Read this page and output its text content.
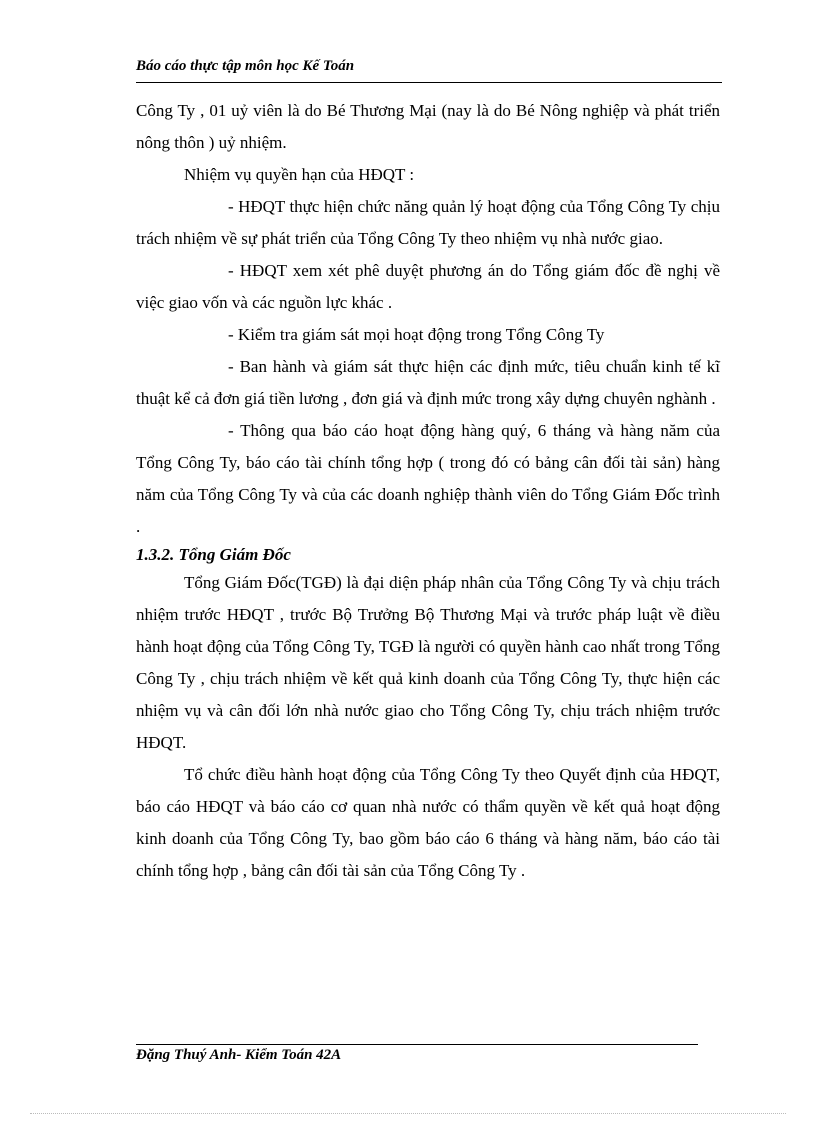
Báo cáo thực tập môn học Kế Toán

Công Ty , 01 uỷ viên là do Bé Thương Mại (nay là do Bé Nông nghiệp và phát triển nông thôn ) uỷ nhiệm.

Nhiệm vụ quyền hạn của HĐQT :

- HĐQT thực hiện chức năng quản lý hoạt động của Tổng Công Ty chịu trách nhiệm về sự phát triển của Tổng Công Ty theo nhiệm vụ nhà nước giao.

- HĐQT xem xét phê duyệt phương án do Tổng giám đốc đề nghị về việc giao vốn và các nguồn lực khác .

- Kiểm tra giám sát mọi hoạt động trong Tổng Công Ty

- Ban hành và giám sát thực hiện các định mức, tiêu chuẩn kinh tế kĩ thuật kể cả đơn giá tiền lương , đơn giá và định mức trong xây dựng chuyên nghành .

- Thông qua báo cáo hoạt động hàng quý, 6 tháng và hàng năm của Tổng Công Ty, báo cáo tài chính tổng hợp ( trong đó có bảng cân đối tài sản) hàng năm của Tổng Công Ty và của các doanh nghiệp thành viên do Tổng Giám Đốc trình .

1.3.2. Tổng Giám Đốc

Tổng Giám Đốc(TGĐ) là đại diện pháp nhân của Tổng Công Ty và chịu trách nhiệm trước HĐQT , trước Bộ Trưởng Bộ Thương Mại và trước pháp luật về điều hành hoạt động của Tổng Công Ty, TGĐ là người có quyền hành cao nhất trong Tổng Công Ty , chịu trách nhiệm về kết quả kinh doanh của Tổng Công Ty, thực hiện các nhiệm vụ và cân đối lớn nhà nước giao cho Tổng Công Ty, chịu trách nhiệm trước HĐQT.

Tổ chức điều hành hoạt động của Tổng Công Ty theo Quyết định của HĐQT, báo cáo HĐQT và báo cáo cơ quan nhà nước có thẩm quyền về kết quả hoạt động kinh doanh của Tổng Công Ty, bao gồm báo cáo 6 tháng và hàng năm, báo cáo tài chính tổng hợp , bảng cân đối tài sản của Tổng Công Ty .

Đặng Thuý Anh- Kiểm Toán 42A
